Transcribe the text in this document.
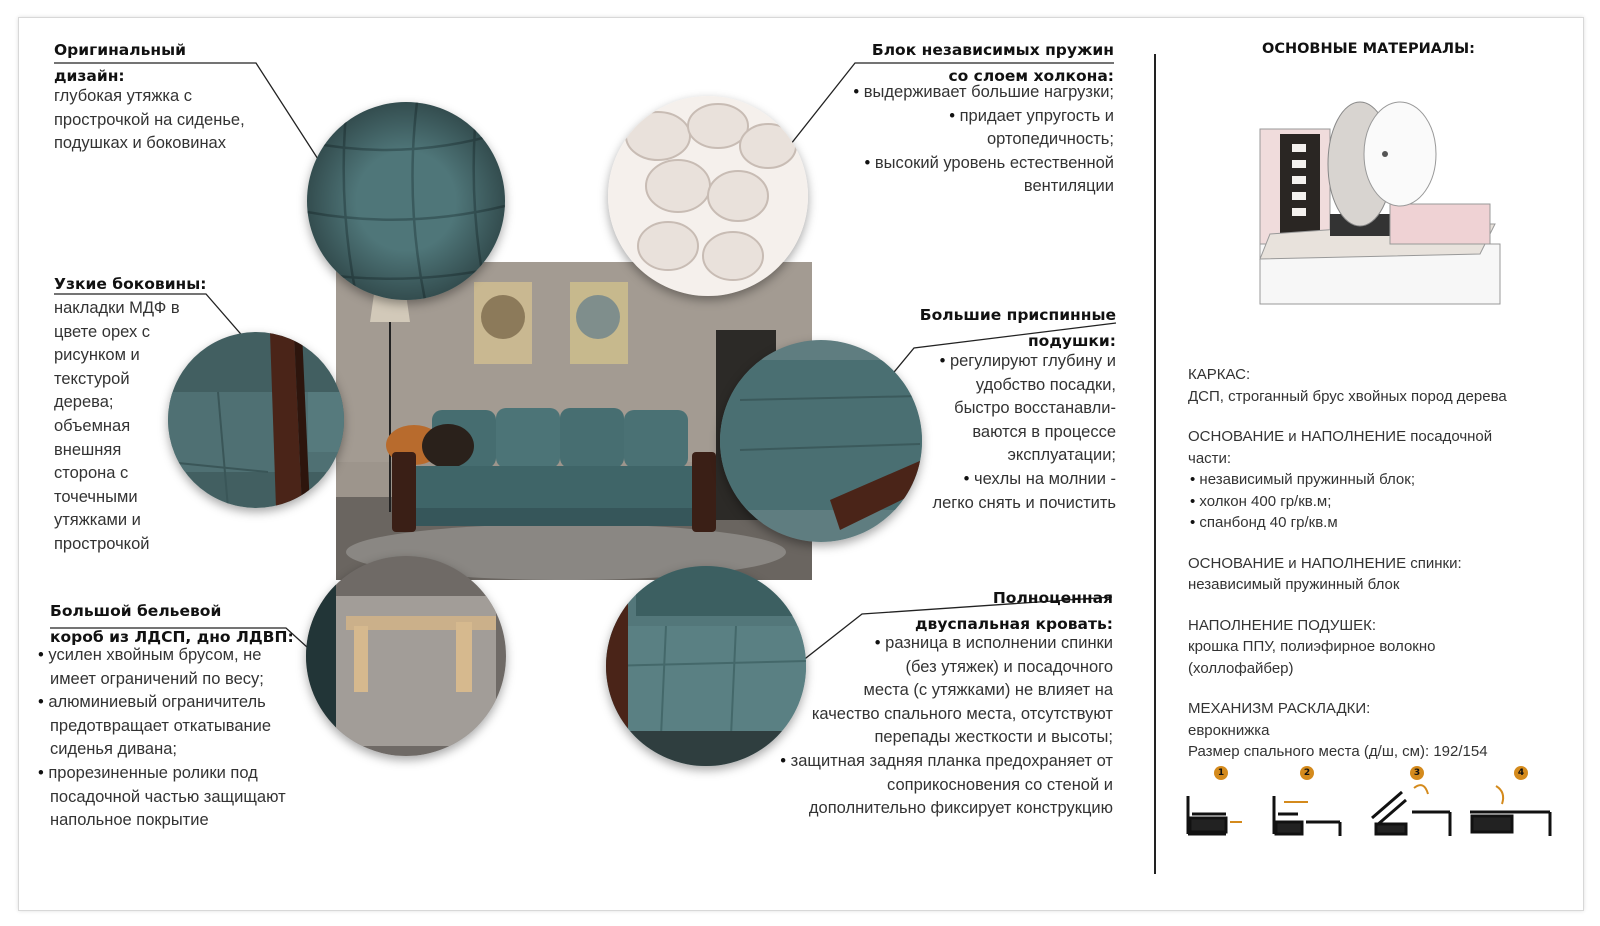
Оригинальный
дизайн:
глубокая утяжка с
прострочкой на сиденье,
подушках и боковинах
Узкие боковины:
накладки МДФ в
цвете орех с
рисунком и
текстурой
дерева;
объемная
внешняя
сторона с
точечными
утяжками и
прострочкой
Большой бельевой
короб из ЛДСП, дно ЛДВП:
• усилен хвойным брусом, не
имеет ограничений по весу;
• алюминиевый ограничитель
предотвращает откатывание
сиденья дивана;
• прорезиненные ролики под
посадочной частью защищают
напольное покрытие
Блок независимых пружин
со слоем холкона:
• выдерживает большие нагрузки;
• придает упругость и
ортопедичность;
• высокий уровень естественной
вентиляции
Большие приспинные
подушки:
• регулируют глубину и
удобство посадки,
быстро восстанавли-
ваются в процессе
эксплуатации;
• чехлы на молнии -
легко снять и почистить
Полноценная
двуспальная кровать:
• разница в исполнении спинки
(без утяжек) и посадочного
места (с утяжками) не влияет на
качество спального места, отсутствуют
перепады жесткости и высоты;
• защитная задняя планка предохраняет от
соприкосновения со стеной и
дополнительно фиксирует конструкцию
ОСНОВНЫЕ МАТЕРИАЛЫ:
КАРКАС:
ДСП, строганный брус хвойных пород дерева
ОСНОВАНИЕ и НАПОЛНЕНИЕ посадочной
части:
• независимый пружинный блок;
• холкон 400 гр/кв.м;
• спанбонд 40 гр/кв.м
ОСНОВАНИЕ и НАПОЛНЕНИЕ спинки:
независимый пружинный блок
НАПОЛНЕНИЕ ПОДУШЕК:
крошка ППУ, полиэфирное волокно
(холлофайбер)
МЕХАНИЗМ РАСКЛАДКИ:
еврокнижка
Размер спального места (д/ш, см): 192/154
1	2	3	4
